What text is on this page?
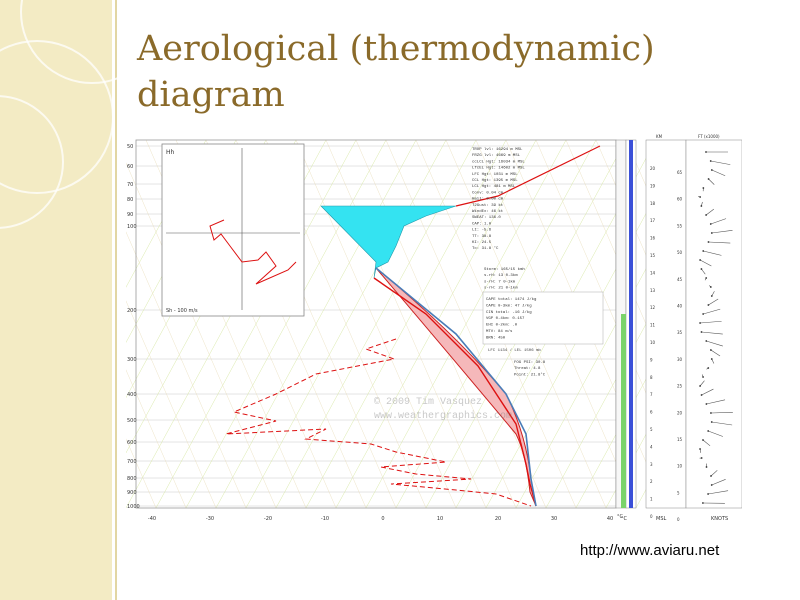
Aerological (thermodynamic) diagram
Hh
Sh - 100 m/s
TROP lvl: 16294 m MSL
FRZG lvl: 4669 m MSL
ccLCL Hgt: 16034 m MSL
LfcEL Hgt: 14602 m MSL
LFC Hgt: 1031 m MSL
CCL Hgt: 1395 m MSL
LCL Hgt: 481 m MSL
Conv: 0.04 cm
Hail: 0.00 cm
T2Gust: 39 kt
WindEx: 46 kt
SWEAT: 136.0
CAP: 1.0
LI: -5.6
TT: 38.8
KI: 24.5
Tc: 31.8 °C
Storm: 165/15 kmh
s-rH: 13 0-3km
s-rH: 7 0-1km
s-rH: 21 0-1km
CAPE total: 1474 J/kg
CAPE 0-3km: 47 J/kg
CIN total: -16 J/kg
VGP 0-4km: 0.157
EHI 0-2km: .0
MTV: 84 m/s
BRN: 450
LFC 1134 / LEL 1506 mb
FOG PSI: 30.8
Threat: 4.8
Point: 21.8°C
© 2009 Tim Vasquez
www.weathergraphics.com
50
60
70
80
90
100
200
300
400
500
600
700
800
900
1000
-40	-30	-20	-10	0	10	20	30	40 °C
°C
KM	FT (x1000)
MSL	KNOTS
20
19
18
17
16
15
14
13
12
11
10
9
8
7
6
5
4
3
2
1
0
65
60
55
50
45
40
35
30
25
20
15
10
5
0
http://www.aviaru.net
